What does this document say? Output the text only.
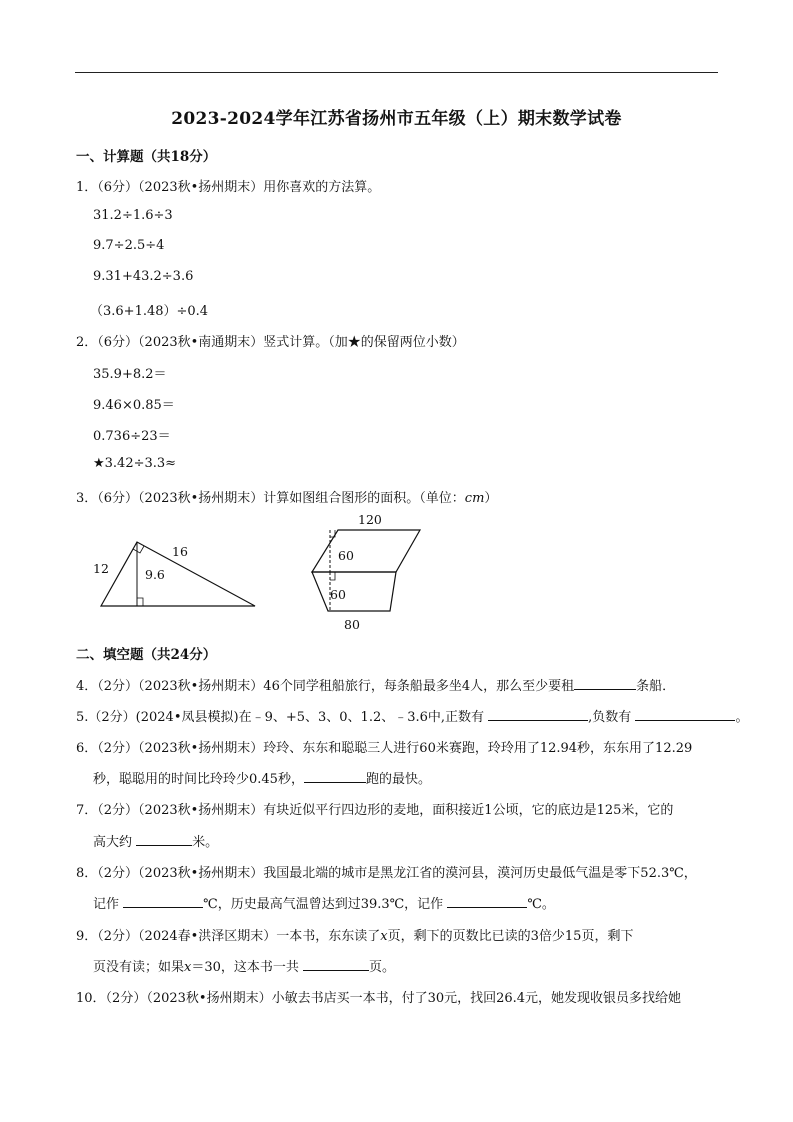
2023-2024学年江苏省扬州市五年级（上）期末数学试卷
一、计算题（共18分）
1．（6分）（2023秋•扬州期末）用你喜欢的方法算。
31.2÷1.6÷3
9.7÷2.5÷4
9.31+43.2÷3.6
（3.6+1.48）÷0.4
2．（6分）（2023秋•南通期末）竖式计算。（加★的保留两位小数）
35.9+8.2＝
9.46×0.85＝
0.736÷23＝
★3.42÷3.3≈
3．（6分）（2023秋•扬州期末）计算如图组合图形的面积。（单位：cm）
12
16
9.6
120
60
60
80
二、填空题（共24分）
4．（2分）（2023秋•扬州期末）46个同学租船旅行，每条船最多坐4人，那么至少要租	条船．
5.（2分）(2024•凤县模拟)在﹣9、+5、3、0、1.2、﹣3.6中,正数有	,负数有	。
6．（2分）（2023秋•扬州期末）玲玲、东东和聪聪三人进行60米赛跑，玲玲用了12.94秒，东东用了12.29
秒，聪聪用的时间比玲玲少0.45秒，	跑的最快。
7．（2分）（2023秋•扬州期末）有块近似平行四边形的麦地，面积接近1公顷，它的底边是125米，它的
高大约	米。
8．（2分）（2023秋•扬州期末）我国最北端的城市是黑龙江省的漠河县，漠河历史最低气温是零下52.3℃，
记作	℃，历史最高气温曾达到过39.3℃，记作	℃。
9．（2分）（2024春•洪泽区期末）一本书，东东读了x页，剩下的页数比已读的3倍少15页，剩下
页没有读；如果x＝30，这本书一共	页。
10．（2分）（2023秋•扬州期末）小敏去书店买一本书，付了30元，找回26.4元，她发现收银员多找给她
